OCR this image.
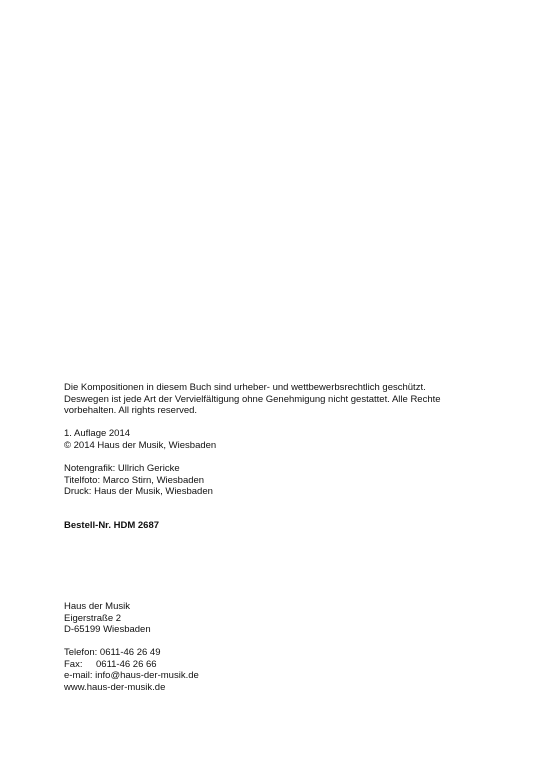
Die Kompositionen in diesem Buch sind urheber- und wettbewerbsrechtlich geschützt.
Deswegen ist jede Art der Vervielfältigung ohne Genehmigung nicht gestattet. Alle Rechte
vorbehalten. All rights reserved.
1. Auflage 2014
© 2014 Haus der Musik, Wiesbaden
Notengrafik: Ullrich Gericke
Titelfoto: Marco Stirn, Wiesbaden
Druck: Haus der Musik, Wiesbaden
Bestell-Nr. HDM 2687
Haus der Musik
Eigerstraße 2
D-65199 Wiesbaden
Telefon: 0611-46 26 49
Fax:	0611-46 26 66
e-mail: info@haus-der-musik.de
www.haus-der-musik.de
